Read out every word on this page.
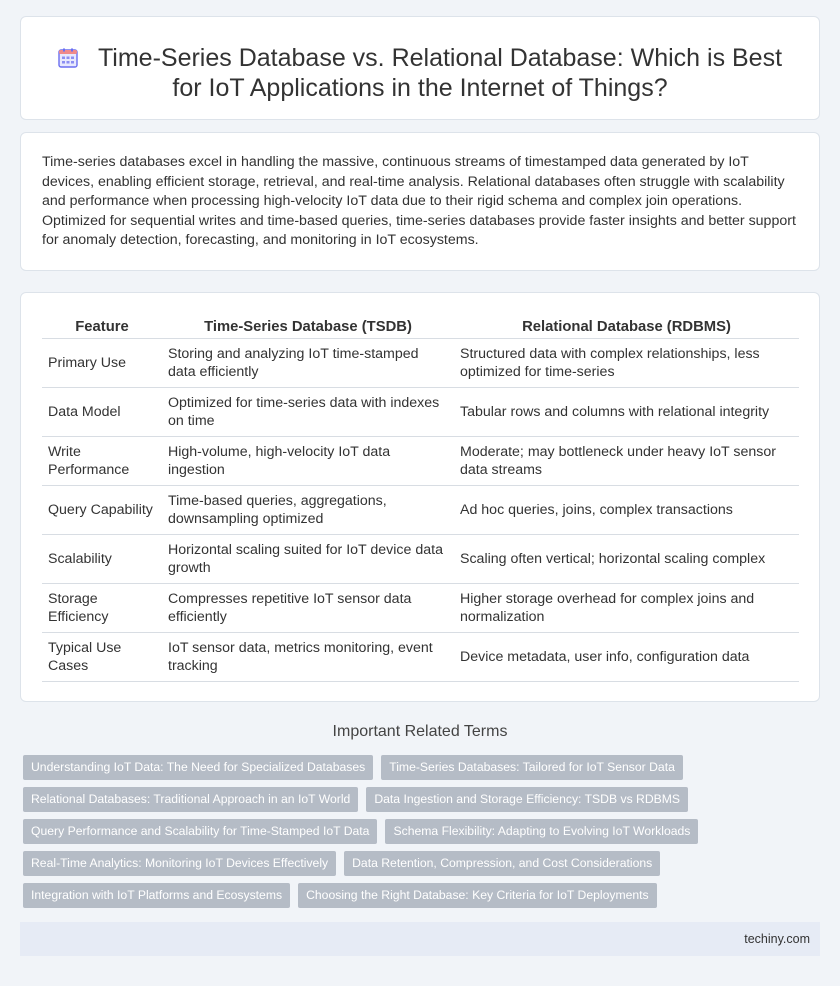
Time-Series Database vs. Relational Database: Which is Best for IoT Applications in the Internet of Things?

Time-series databases excel in handling the massive, continuous streams of timestamped data generated by IoT devices, enabling efficient storage, retrieval, and real-time analysis. Relational databases often struggle with scalability and performance when processing high-velocity IoT data due to their rigid schema and complex join operations. Optimized for sequential writes and time-based queries, time-series databases provide faster insights and better support for anomaly detection, forecasting, and monitoring in IoT ecosystems.

Feature	Time-Series Database (TSDB)	Relational Database (RDBMS)
Primary Use	Storing and analyzing IoT time-stamped data efficiently	Structured data with complex relationships, less optimized for time-series
Data Model	Optimized for time-series data with indexes on time	Tabular rows and columns with relational integrity
Write Performance	High-volume, high-velocity IoT data ingestion	Moderate; may bottleneck under heavy IoT sensor data streams
Query Capability	Time-based queries, aggregations, downsampling optimized	Ad hoc queries, joins, complex transactions
Scalability	Horizontal scaling suited for IoT device data growth	Scaling often vertical; horizontal scaling complex
Storage Efficiency	Compresses repetitive IoT sensor data efficiently	Higher storage overhead for complex joins and normalization
Typical Use Cases	IoT sensor data, metrics monitoring, event tracking	Device metadata, user info, configuration data
Important Related Terms
Understanding IoT Data: The Need for Specialized Databases	Time-Series Databases: Tailored for IoT Sensor Data
Relational Databases: Traditional Approach in an IoT World	Data Ingestion and Storage Efficiency: TSDB vs RDBMS
Query Performance and Scalability for Time-Stamped IoT Data	Schema Flexibility: Adapting to Evolving IoT Workloads
Real-Time Analytics: Monitoring IoT Devices Effectively	Data Retention, Compression, and Cost Considerations
Integration with IoT Platforms and Ecosystems	Choosing the Right Database: Key Criteria for IoT Deployments
techiny.com
